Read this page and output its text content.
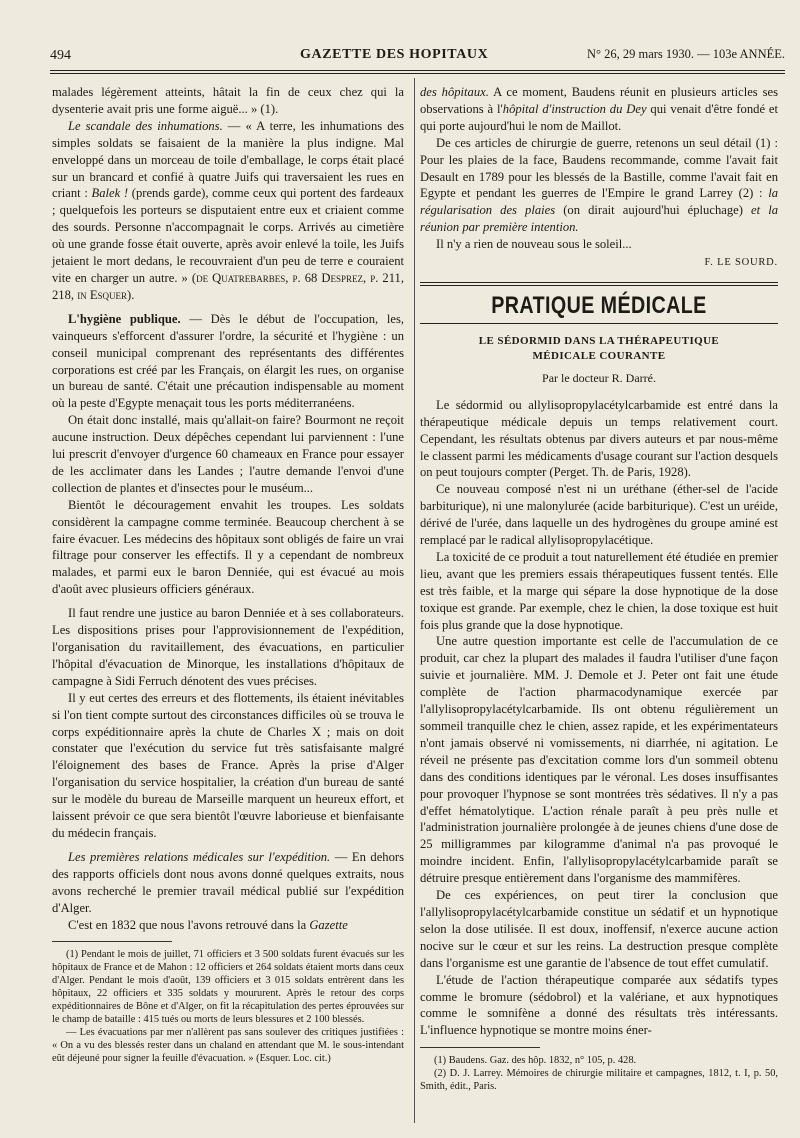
494	GAZETTE DES HOPITAUX	N° 26, 29 mars 1930. — 103e ANNÉE.

malades légèrement atteints, hâtait la fin de ceux chez qui la dysenterie avait pris une forme aiguë... » (1).

Le scandale des inhumations. — « A terre, les inhumations des simples soldats se faisaient de la manière la plus indigne. Mal enveloppé dans un morceau de toile d'emballage, le corps était placé sur un brancard et confié à quatre Juifs qui traversaient les rues en criant : Balek ! (prends garde), comme ceux qui portent des fardeaux ; quelquefois les porteurs se disputaient entre eux et criaient comme des sourds. Personne n'accompagnait le corps. Arrivés au cimetière où une grande fosse était ouverte, après avoir enlevé la toile, les Juifs jetaient le mort dedans, le recouvraient d'un peu de terre e couraient vite en charger un autre. » (de Quatrebarbes, p. 68 Desprez, p. 211, 218, in Esquer).

L'hygiène publique. — Dès le début de l'occupation, les, vainqueurs s'efforcent d'assurer l'ordre, la sécurité et l'hygiène : un conseil municipal comprenant des représentants des différentes corporations est créé par les Français, on élargit les rues, on organise un bureau de santé. C'était une précaution indispensable au moment où la peste d'Egypte menaçait tous les ports méditerranéens.

On était donc installé, mais qu'allait-on faire? Bourmont ne reçoit aucune instruction. Deux dépêches cependant lui parviennent : l'une lui prescrit d'envoyer d'urgence 60 chameaux en France pour essayer de les acclimater dans les Landes ; l'autre demande l'envoi d'une collection de plantes et d'insectes pour le muséum...

Bientôt le découragement envahit les troupes. Les soldats considèrent la campagne comme terminée. Beaucoup cherchent à se faire évacuer. Les médecins des hôpitaux sont obligés de faire un vrai filtrage pour conserver les effectifs. Il y a cependant de nombreux malades, et parmi eux le baron Denniée, qui est évacué au mois d'août avec plusieurs officiers généraux.

Il faut rendre une justice au baron Denniée et à ses collaborateurs. Les dispositions prises pour l'approvisionnement de l'expédition, l'organisation du ravitaillement, des évacuations, en particulier l'hôpital d'évacuation de Minorque, les installations d'hôpitaux de campagne à Sidi Ferruch dénotent des vues précises.

Il y eut certes des erreurs et des flottements, ils étaient inévitables si l'on tient compte surtout des circonstances difficiles où se trouva le corps expéditionnaire après la chute de Charles X ; mais on doit constater que l'exécution du service fut très satisfaisante malgré l'éloignement des bases de France. Après la prise d'Alger l'organisation du service hospitalier, la création d'un bureau de santé sur le modèle du bureau de Marseille marquent un heureux effort, et laissent prévoir ce que sera bientôt l'œuvre laborieuse et bienfaisante du médecin français.

Les premières relations médicales sur l'expédition. — En dehors des rapports officiels dont nous avons donné quelques extraits, nous avons recherché le premier travail médical publié sur l'expédition d'Alger.

C'est en 1832 que nous l'avons retrouvé dans la Gazette

(1) Pendant le mois de juillet, 71 officiers et 3 500 soldats furent évacués sur les hôpitaux de France et de Mahon : 12 officiers et 264 soldats étaient morts dans ceux d'Alger. Pendant le mois d'août, 139 officiers et 3 015 soldats entrèrent dans les hôpitaux, 22 officiers et 335 soldats y moururent. Après le retour des corps expéditionnaires de Bône et d'Alger, on fit la récapitulation des pertes éprouvées sur le champ de bataille : 415 tués ou morts de leurs blessures et 2 100 blessés.

— Les évacuations par mer n'allèrent pas sans soulever des critiques justifiées : « On a vu des blessés rester dans un chaland en attendant que M. le sous-intendant eût déjeuné pour signer la feuille d'évacuation. » (Esquer. Loc. cit.)

des hôpitaux. A ce moment, Baudens réunit en plusieurs articles ses observations à l'hôpital d'instruction du Dey qui venait d'être fondé et qui porte aujourd'hui le nom de Maillot.

De ces articles de chirurgie de guerre, retenons un seul détail (1) : Pour les plaies de la face, Baudens recommande, comme l'avait fait Desault en 1789 pour les blessés de la Bastille, comme l'avait fait en Egypte et pendant les guerres de l'Empire le grand Larrey (2) : la régularisation des plaies (on dirait aujourd'hui épluchage) et la réunion par première intention.

Il n'y a rien de nouveau sous le soleil...

F. LE SOURD.
PRATIQUE MÉDICALE
LE SÉDORMID DANS LA THÉRAPEUTIQUE
MÉDICALE COURANTE
Par le docteur R. Darré.

Le sédormid ou allylisopropylacétylcarbamide est entré dans la thérapeutique médicale depuis un temps relativement court. Cependant, les résultats obtenus par divers auteurs et par nous-même le classent parmi les médicaments d'usage courant sur l'action desquels on peut toujours compter (Perget. Th. de Paris, 1928).

Ce nouveau composé n'est ni un uréthane (éther-sel de l'acide barbiturique), ni une malonylurée (acide barbiturique). C'est un uréide, dérivé de l'urée, dans laquelle un des hydrogènes du groupe aminé est remplacé par le radical allylisopropylacétique.

La toxicité de ce produit a tout naturellement été étudiée en premier lieu, avant que les premiers essais thérapeutiques fussent tentés. Elle est très faible, et la marge qui sépare la dose hypnotique de la dose toxique est grande. Par exemple, chez le chien, la dose toxique est huit fois plus grande que la dose hypnotique.

Une autre question importante est celle de l'accumulation de ce produit, car chez la plupart des malades il faudra l'utiliser d'une façon suivie et journalière. MM. J. Demole et J. Peter ont fait une étude complète de l'action pharmacodynamique exercée par l'allylisopropylacétylcarbamide. Ils ont obtenu régulièrement un sommeil tranquille chez le chien, assez rapide, et les expérimentateurs n'ont jamais observé ni vomissements, ni diarrhée, ni agitation. Le réveil ne présente pas d'excitation comme lors d'un sommeil obtenu dans des conditions identiques par le véronal. Les doses insuffisantes pour provoquer l'hypnose se sont montrées très sédatives. Il n'y a pas d'effet hématolytique. L'action rénale paraît à peu près nulle et l'administration journalière prolongée à de jeunes chiens d'une dose de 25 milligrammes par kilogramme d'animal n'a pas provoqué le moindre incident. Enfin, l'allylisopropylacétylcarbamide paraît se détruire presque entièrement dans l'organisme des mammifères.

De ces expériences, on peut tirer la conclusion que l'allylisopropylacétylcarbamide constitue un sédatif et un hypnotique selon la dose utilisée. Il est doux, inoffensif, n'exerce aucune action nocive sur le cœur et sur les reins. La destruction presque complète dans l'organisme est une garantie de l'absence de tout effet cumulatif.

L'étude de l'action thérapeutique comparée aux sédatifs types comme le bromure (sédobrol) et la valériane, et aux hypnotiques comme le somnifène a donné des résultats très intéressants. L'influence hypnotique se montre moins éner-

(1) Baudens. Gaz. des hôp. 1832, n° 105, p. 428.

(2) D. J. Larrey. Mémoires de chirurgie militaire et campagnes, 1812, t. I, p. 50, Smith, édit., Paris.
